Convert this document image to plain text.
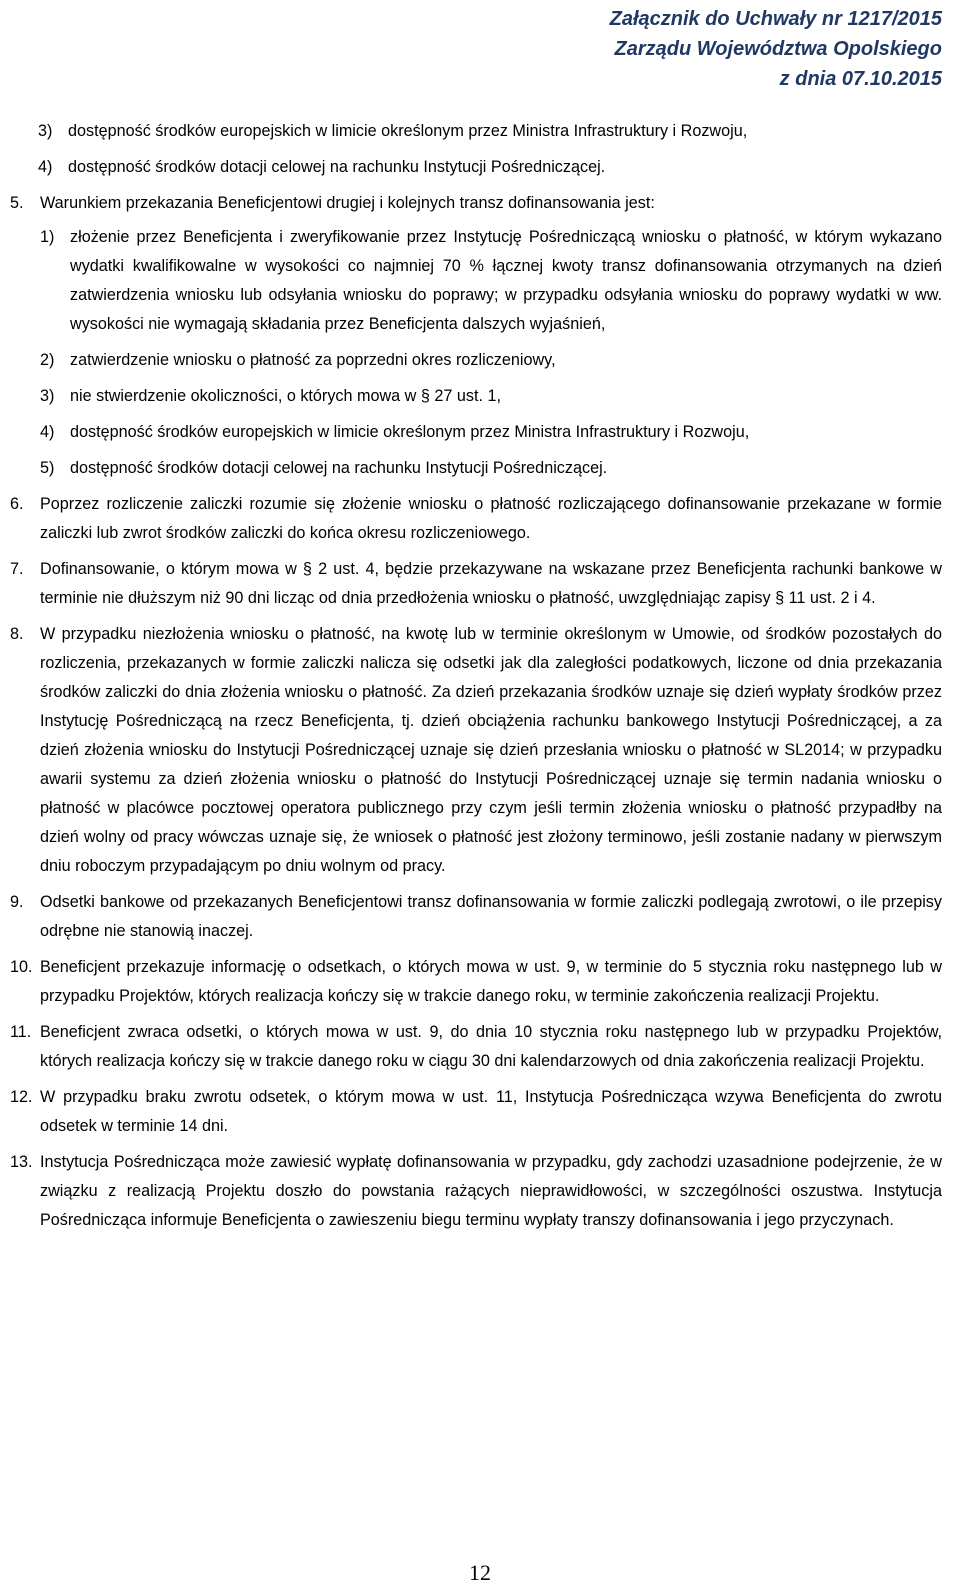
Załącznik do Uchwały nr 1217/2015
Zarządu Województwa Opolskiego
z dnia 07.10.2015
3) dostępność środków europejskich w limicie określonym przez Ministra Infrastruktury i Rozwoju,

4) dostępność środków dotacji celowej na rachunku Instytucji Pośredniczącej.

5.	Warunkiem przekazania Beneficjentowi drugiej i kolejnych transz dofinansowania jest:

1) złożenie przez Beneficjenta i zweryfikowanie przez Instytucję Pośredniczącą wniosku o płatność, w którym wykazano wydatki kwalifikowalne w wysokości co najmniej 70 % łącznej kwoty transz dofinansowania otrzymanych na dzień zatwierdzenia wniosku lub odsyłania wniosku do poprawy; w przypadku odsyłania wniosku do poprawy wydatki w ww. wysokości nie wymagają składania przez Beneficjenta dalszych wyjaśnień,

2) zatwierdzenie wniosku o płatność za poprzedni okres rozliczeniowy,

3) nie stwierdzenie okoliczności, o których mowa w § 27 ust. 1,

4) dostępność środków europejskich w limicie określonym przez Ministra Infrastruktury i Rozwoju,

5) dostępność środków dotacji celowej na rachunku Instytucji Pośredniczącej.

6.	Poprzez rozliczenie zaliczki rozumie się złożenie wniosku o płatność rozliczającego dofinansowanie przekazane w formie zaliczki lub zwrot środków zaliczki do końca okresu rozliczeniowego.

7.	Dofinansowanie, o którym mowa w § 2 ust. 4, będzie przekazywane na wskazane przez Beneficjenta rachunki bankowe w terminie nie dłuższym niż 90 dni licząc od dnia przedłożenia wniosku o płatność, uwzględniając zapisy § 11 ust. 2 i 4.

8.	W przypadku niezłożenia wniosku o płatność, na kwotę lub w terminie określonym w Umowie, od środków pozostałych do rozliczenia, przekazanych w formie zaliczki nalicza się odsetki jak dla zaległości podatkowych, liczone od dnia przekazania środków zaliczki do dnia złożenia wniosku o płatność. Za dzień przekazania środków uznaje się dzień wypłaty środków przez Instytucję Pośredniczącą na rzecz Beneficjenta, tj. dzień obciążenia rachunku bankowego Instytucji Pośredniczącej, a za dzień złożenia wniosku do Instytucji Pośredniczącej uznaje się dzień przesłania wniosku o płatność w SL2014; w przypadku awarii systemu za dzień złożenia wniosku o płatność do Instytucji Pośredniczącej uznaje się termin nadania wniosku o płatność w placówce pocztowej operatora publicznego przy czym jeśli termin złożenia wniosku o płatność przypadłby na dzień wolny od pracy wówczas uznaje się, że wniosek o płatność jest złożony terminowo, jeśli zostanie nadany w pierwszym dniu roboczym przypadającym po dniu wolnym od pracy.

9.	Odsetki bankowe od przekazanych Beneficjentowi transz dofinansowania w formie zaliczki podlegają zwrotowi, o ile przepisy odrębne nie stanowią inaczej.

10. Beneficjent przekazuje informację o odsetkach, o których mowa w ust. 9, w terminie do 5 stycznia roku następnego lub w przypadku Projektów, których realizacja kończy się w trakcie danego roku, w terminie zakończenia realizacji Projektu.

11. Beneficjent zwraca odsetki, o których mowa w ust. 9, do dnia 10 stycznia roku następnego lub w przypadku Projektów, których realizacja kończy się w trakcie danego roku w ciągu 30 dni kalendarzowych od dnia zakończenia realizacji Projektu.

12. W przypadku braku zwrotu odsetek, o którym mowa w ust. 11, Instytucja Pośrednicząca wzywa Beneficjenta do zwrotu odsetek w terminie 14 dni.

13. Instytucja Pośrednicząca może zawiesić wypłatę dofinansowania w przypadku, gdy zachodzi uzasadnione podejrzenie, że w związku z realizacją Projektu doszło do powstania rażących nieprawidłowości, w szczególności oszustwa. Instytucja Pośrednicząca informuje Beneficjenta o zawieszeniu biegu terminu wypłaty transzy dofinansowania i jego przyczynach.

12
